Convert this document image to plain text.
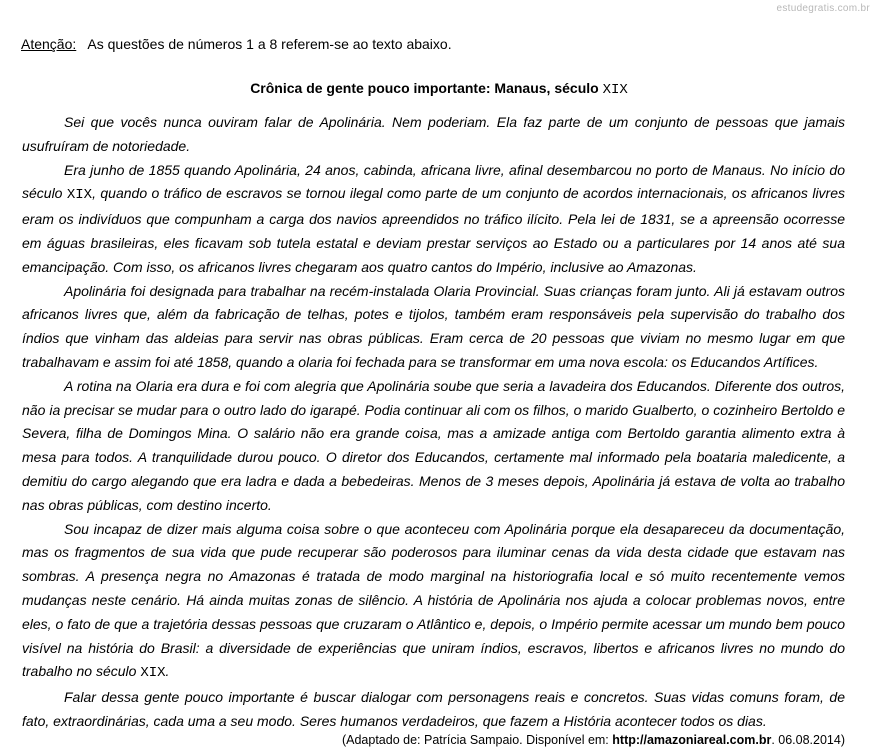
estudegratis.com.br
Atenção: As questões de números 1 a 8 referem-se ao texto abaixo.
Crônica de gente pouco importante: Manaus, século XIX

Sei que vocês nunca ouviram falar de Apolinária. Nem poderiam. Ela faz parte de um conjunto de pessoas que jamais usufruíram de notoriedade.

Era junho de 1855 quando Apolinária, 24 anos, cabinda, africana livre, afinal desembarcou no porto de Manaus. No início do século XIX, quando o tráfico de escravos se tornou ilegal como parte de um conjunto de acordos internacionais, os africanos livres eram os indivíduos que compunham a carga dos navios apreendidos no tráfico ilícito. Pela lei de 1831, se a apreensão ocorresse em águas brasileiras, eles ficavam sob tutela estatal e deviam prestar serviços ao Estado ou a particulares por 14 anos até sua emancipação. Com isso, os africanos livres chegaram aos quatro cantos do Império, inclusive ao Amazonas.

Apolinária foi designada para trabalhar na recém-instalada Olaria Provincial. Suas crianças foram junto. Ali já estavam outros africanos livres que, além da fabricação de telhas, potes e tijolos, também eram responsáveis pela supervisão do trabalho dos índios que vinham das aldeias para servir nas obras públicas. Eram cerca de 20 pessoas que viviam no mesmo lugar em que trabalhavam e assim foi até 1858, quando a olaria foi fechada para se transformar em uma nova escola: os Educandos Artífices.

A rotina na Olaria era dura e foi com alegria que Apolinária soube que seria a lavadeira dos Educandos. Diferente dos outros, não ia precisar se mudar para o outro lado do igarapé. Podia continuar ali com os filhos, o marido Gualberto, o cozinheiro Bertoldo e Severa, filha de Domingos Mina. O salário não era grande coisa, mas a amizade antiga com Bertoldo garantia alimento extra à mesa para todos. A tranquilidade durou pouco. O diretor dos Educandos, certamente mal informado pela boataria maledicente, a demitiu do cargo alegando que era ladra e dada a bebedeiras. Menos de 3 meses depois, Apolinária já estava de volta ao trabalho nas obras públicas, com destino incerto.

Sou incapaz de dizer mais alguma coisa sobre o que aconteceu com Apolinária porque ela desapareceu da documentação, mas os fragmentos de sua vida que pude recuperar são poderosos para iluminar cenas da vida desta cidade que estavam nas sombras. A presença negra no Amazonas é tratada de modo marginal na historiografia local e só muito recentemente vemos mudanças neste cenário. Há ainda muitas zonas de silêncio. A história de Apolinária nos ajuda a colocar problemas novos, entre eles, o fato de que a trajetória dessas pessoas que cruzaram o Atlântico e, depois, o Império permite acessar um mundo bem pouco visível na história do Brasil: a diversidade de experiências que uniram índios, escravos, libertos e africanos livres no mundo do trabalho no século XIX.

Falar dessa gente pouco importante é buscar dialogar com personagens reais e concretos. Suas vidas comuns foram, de fato, extraordinárias, cada uma a seu modo. Seres humanos verdadeiros, que fazem a História acontecer todos os dias.

(Adaptado de: Patrícia Sampaio. Disponível em: http://amazoniareal.com.br. 06.08.2014)
